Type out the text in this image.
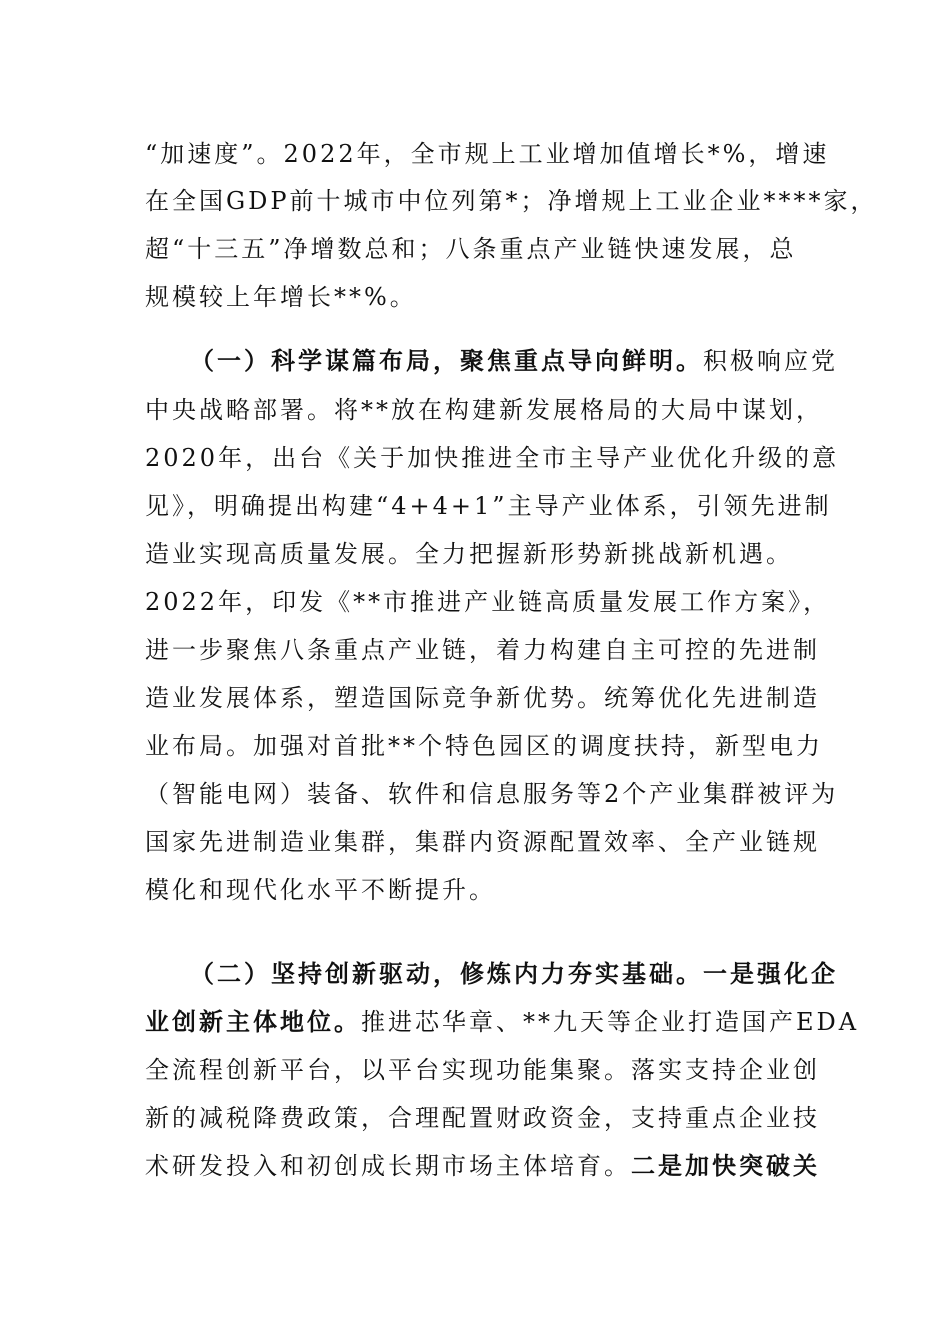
“加速度”。2022年，全市规上工业增加值增长*%，增速
在全国GDP前十城市中位列第*；净增规上工业企业****家，
超“十三五”净增数总和；八条重点产业链快速发展，总
规模较上年增长**%。
（一）科学谋篇布局，聚焦重点导向鲜明。积极响应党
中央战略部署。将**放在构建新发展格局的大局中谋划，
2020年，出台《关于加快推进全市主导产业优化升级的意
见》，明确提出构建“4+4+1”主导产业体系，引领先进制
造业实现高质量发展。全力把握新形势新挑战新机遇。
2022年，印发《**市推进产业链高质量发展工作方案》，
进一步聚焦八条重点产业链，着力构建自主可控的先进制
造业发展体系，塑造国际竞争新优势。统筹优化先进制造
业布局。加强对首批**个特色园区的调度扶持，新型电力
（智能电网）装备、软件和信息服务等2个产业集群被评为
国家先进制造业集群，集群内资源配置效率、全产业链规
模化和现代化水平不断提升。
（二）坚持创新驱动，修炼内力夯实基础。一是强化企
业创新主体地位。推进芯华章、**九天等企业打造国产EDA
全流程创新平台，以平台实现功能集聚。落实支持企业创
新的减税降费政策，合理配置财政资金，支持重点企业技
术研发投入和初创成长期市场主体培育。二是加快突破关
